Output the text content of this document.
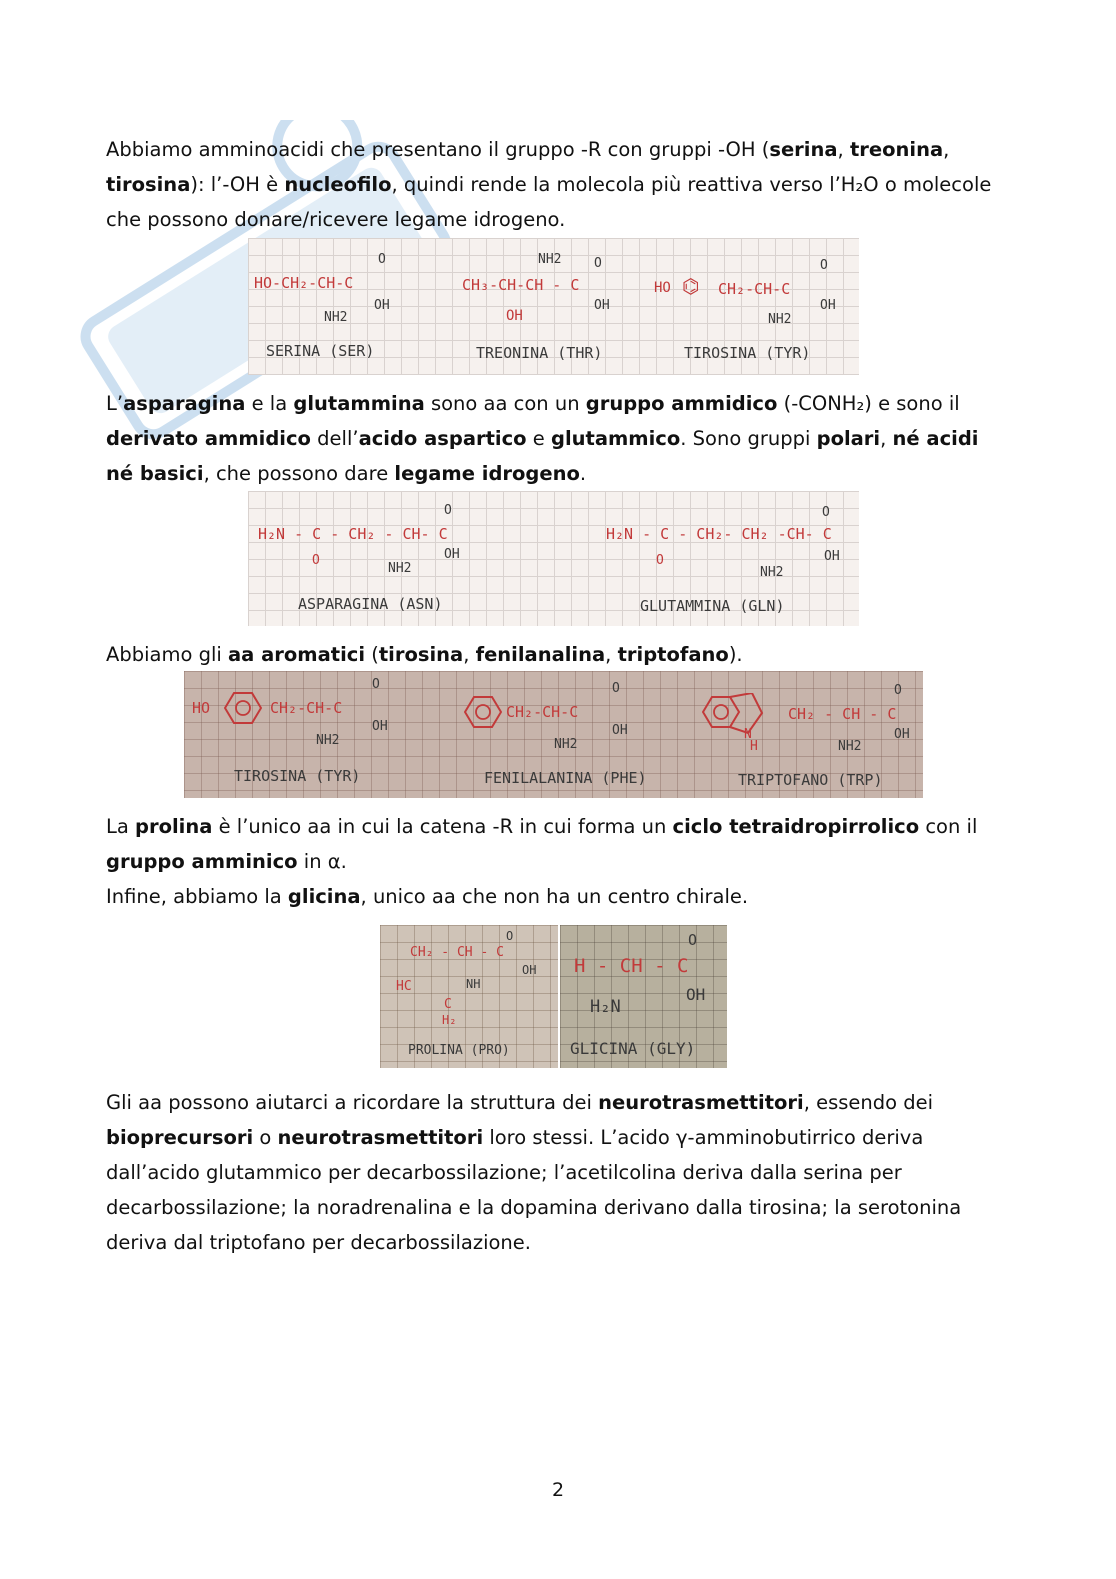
Abbiamo amminoacidi che presentano il gruppo -R con gruppi -OH (serina, treonina, tirosina): l’-OH è nucleofilo, quindi rende la molecola più reattiva verso l’H₂O o molecole che possono donare/ricevere legame idrogeno.
HO-CH₂-CH-C
O
OH
NH2
SERINA (SER)
NH2
CH₃-CH-CH - C
O
OH
OH
TREONINA (THR)
HO ⌬ CH₂-CH-C
O
OH
NH2
TIROSINA (TYR)
L’asparagina e la glutammina sono aa con un gruppo ammidico (-CONH₂) e sono il derivato ammidico dell’acido aspartico e glutammico. Sono gruppi polari, né acidi né basici, che possono dare legame idrogeno.
H₂N - C - CH₂ - CH- C
O
O	OH
NH2
ASPARAGINA (ASN)
H₂N - C - CH₂- CH₂ -CH- C
O
O	OH
NH2
GLUTAMMINA (GLN)
Abbiamo gli aa aromatici (tirosina, fenilanalina, triptofano).
HO	CH₂-CH-C
O
OH
NH2
TIROSINA (TYR)
CH₂-CH-C
O
OH
NH2
FENILALANINA (PHE)
N
H
CH₂ - CH - C
O
OH
NH2
TRIPTOFANO (TRP)
La prolina è l’unico aa in cui la catena -R in cui forma un ciclo tetraidropirrolico con il gruppo amminico in α.
Infine, abbiamo la glicina, unico aa che non ha un centro chirale.
CH₂ - CH - C
O
OH
HC	NH
C
H₂
PROLINA (PRO)
H - CH - C
O
OH
H₂N
GLICINA (GLY)
Gli aa possono aiutarci a ricordare la struttura dei neurotrasmettitori, essendo dei bioprecursori o neurotrasmettitori loro stessi. L’acido γ-amminobutirrico deriva dall’acido glutammico per decarbossilazione; l’acetilcolina deriva dalla serina per decarbossilazione; la noradrenalina e la dopamina derivano dalla tirosina; la serotonina deriva dal triptofano per decarbossilazione.
2
